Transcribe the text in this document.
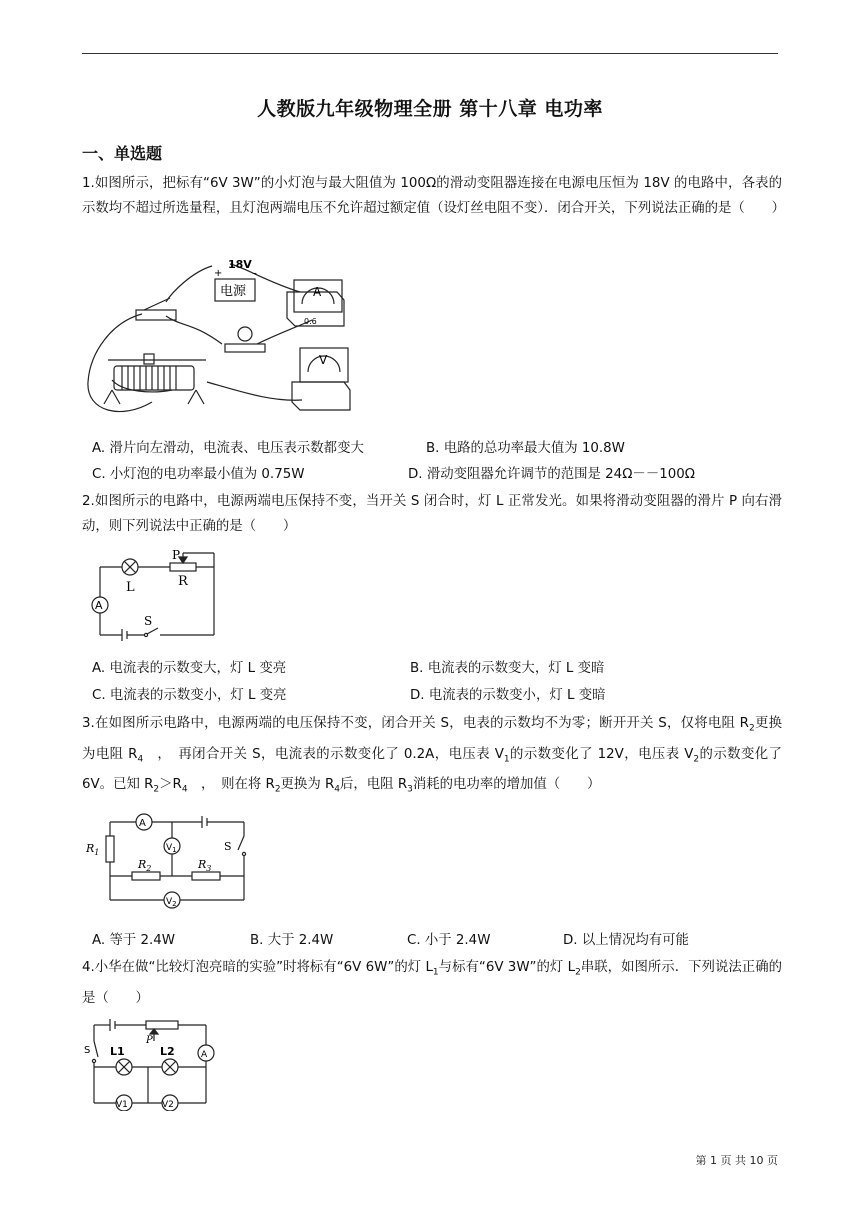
人教版九年级物理全册 第十八章 电功率
一、单选题
1.如图所示，把标有“6V 3W”的小灯泡与最大阻值为 100Ω的滑动变阻器连接在电源电压恒为 18V 的电路中，各表的示数均不超过所选量程，且灯泡两端电压不允许超过额定值（设灯丝电阻不变）．闭合开关，下列说法正确的是（　　）
18V
+	–
电源	A
0.6
V
A. 滑片向左滑动，电流表、电压表示数都变大	B. 电路的总功率最大值为 10.8W
C. 小灯泡的电功率最小值为 0.75W	D. 滑动变阻器允许调节的范围是 24Ω－－100Ω
2.如图所示的电路中，电源两端电压保持不变，当开关 S 闭合时，灯 L 正常发光。如果将滑动变阻器的滑片 P 向右滑动，则下列说法中正确的是（　　）
P
L	R
A
S
A. 电流表的示数变大，灯 L 变亮	B. 电流表的示数变大，灯 L 变暗
C. 电流表的示数变小，灯 L 变亮	D. 电流表的示数变小，灯 L 变暗
3.在如图所示电路中，电源两端的电压保持不变，闭合开关 S，电表的示数均不为零；断开开关 S，仅将电阻 $R_2$更换为电阻 $R_4$　，　再闭合开关 S，电流表的示数变化了 0.2A，电压表 $V_1$的示数变化了 12V，电压表 $V_2$的示数变化了 6V。已知 $R_2>R_4$　，　则在将 $R_2$更换为 $R_4$后，电阻 $R_3$消耗的电功率的增加值（　　）
A
$R_1$	$V_1$
$R_2$	$R_3$
S
$V_2$
A. 等于 2.4W	B. 大于 2.4W	C. 小于 2.4W	D. 以上情况均有可能
4.小华在做“比较灯泡亮暗的实验”时将标有“6V 6W”的灯 $L_1$与标有“6V 3W”的灯 $L_2$串联，如图所示．下列说法正确的是（　　）
S
P
L1	L2	A
V1	V2
第 1 页 共 10 页
